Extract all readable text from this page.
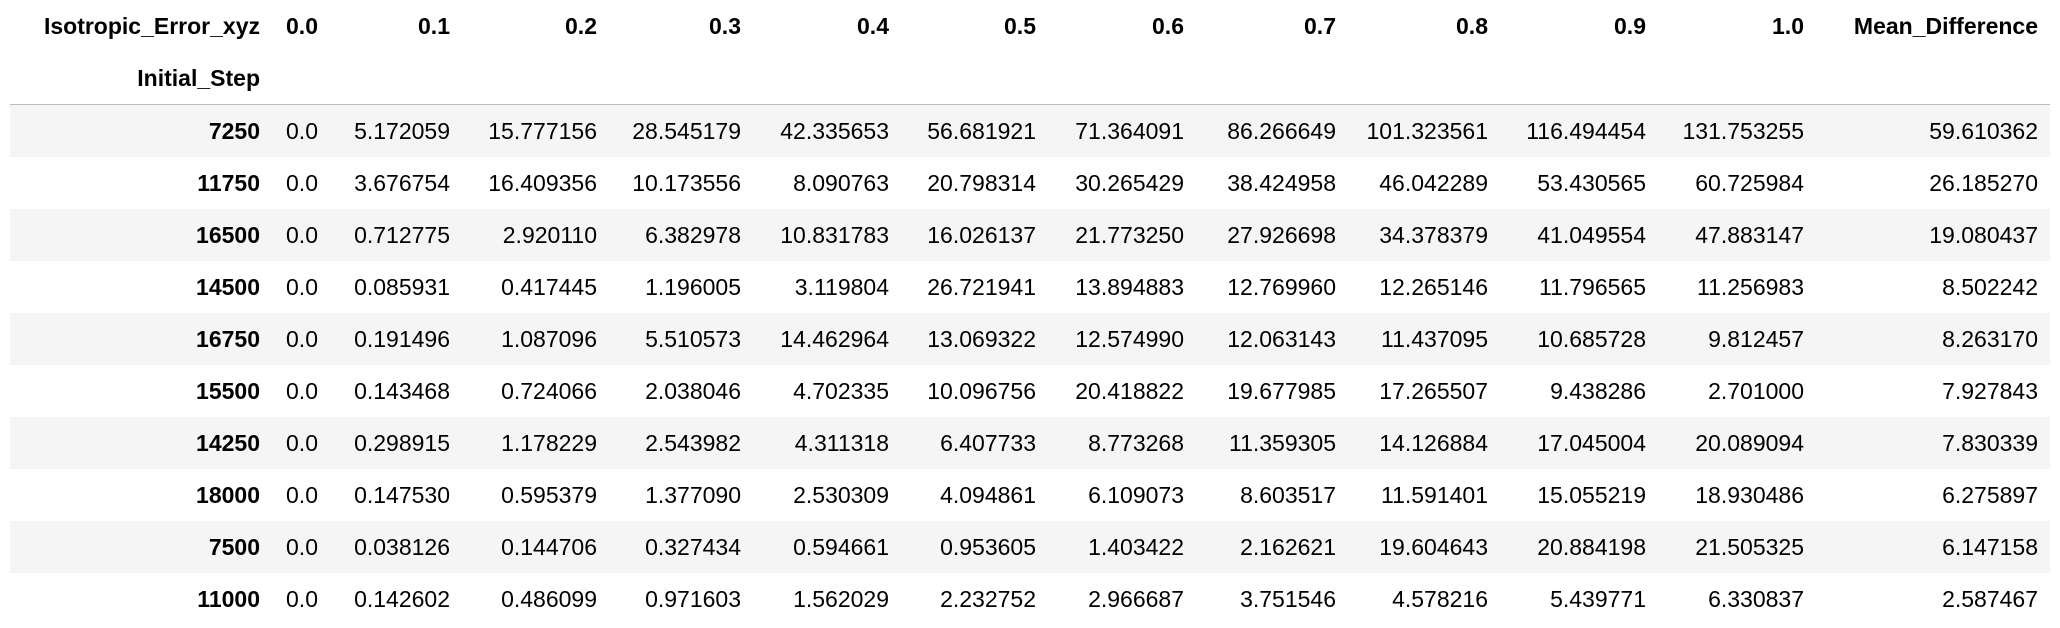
Isotropic_Error_xyz	0.0	0.1	0.2	0.3	0.4	0.5	0.6	0.7	0.8	0.9	1.0	Mean_Difference
Initial_Step												
7250	0.0	5.172059	15.777156	28.545179	42.335653	56.681921	71.364091	86.266649	101.323561	116.494454	131.753255	59.610362
11750	0.0	3.676754	16.409356	10.173556	8.090763	20.798314	30.265429	38.424958	46.042289	53.430565	60.725984	26.185270
16500	0.0	0.712775	2.920110	6.382978	10.831783	16.026137	21.773250	27.926698	34.378379	41.049554	47.883147	19.080437
14500	0.0	0.085931	0.417445	1.196005	3.119804	26.721941	13.894883	12.769960	12.265146	11.796565	11.256983	8.502242
16750	0.0	0.191496	1.087096	5.510573	14.462964	13.069322	12.574990	12.063143	11.437095	10.685728	9.812457	8.263170
15500	0.0	0.143468	0.724066	2.038046	4.702335	10.096756	20.418822	19.677985	17.265507	9.438286	2.701000	7.927843
14250	0.0	0.298915	1.178229	2.543982	4.311318	6.407733	8.773268	11.359305	14.126884	17.045004	20.089094	7.830339
18000	0.0	0.147530	0.595379	1.377090	2.530309	4.094861	6.109073	8.603517	11.591401	15.055219	18.930486	6.275897
7500	0.0	0.038126	0.144706	0.327434	0.594661	0.953605	1.403422	2.162621	19.604643	20.884198	21.505325	6.147158
11000	0.0	0.142602	0.486099	0.971603	1.562029	2.232752	2.966687	3.751546	4.578216	5.439771	6.330837	2.587467
